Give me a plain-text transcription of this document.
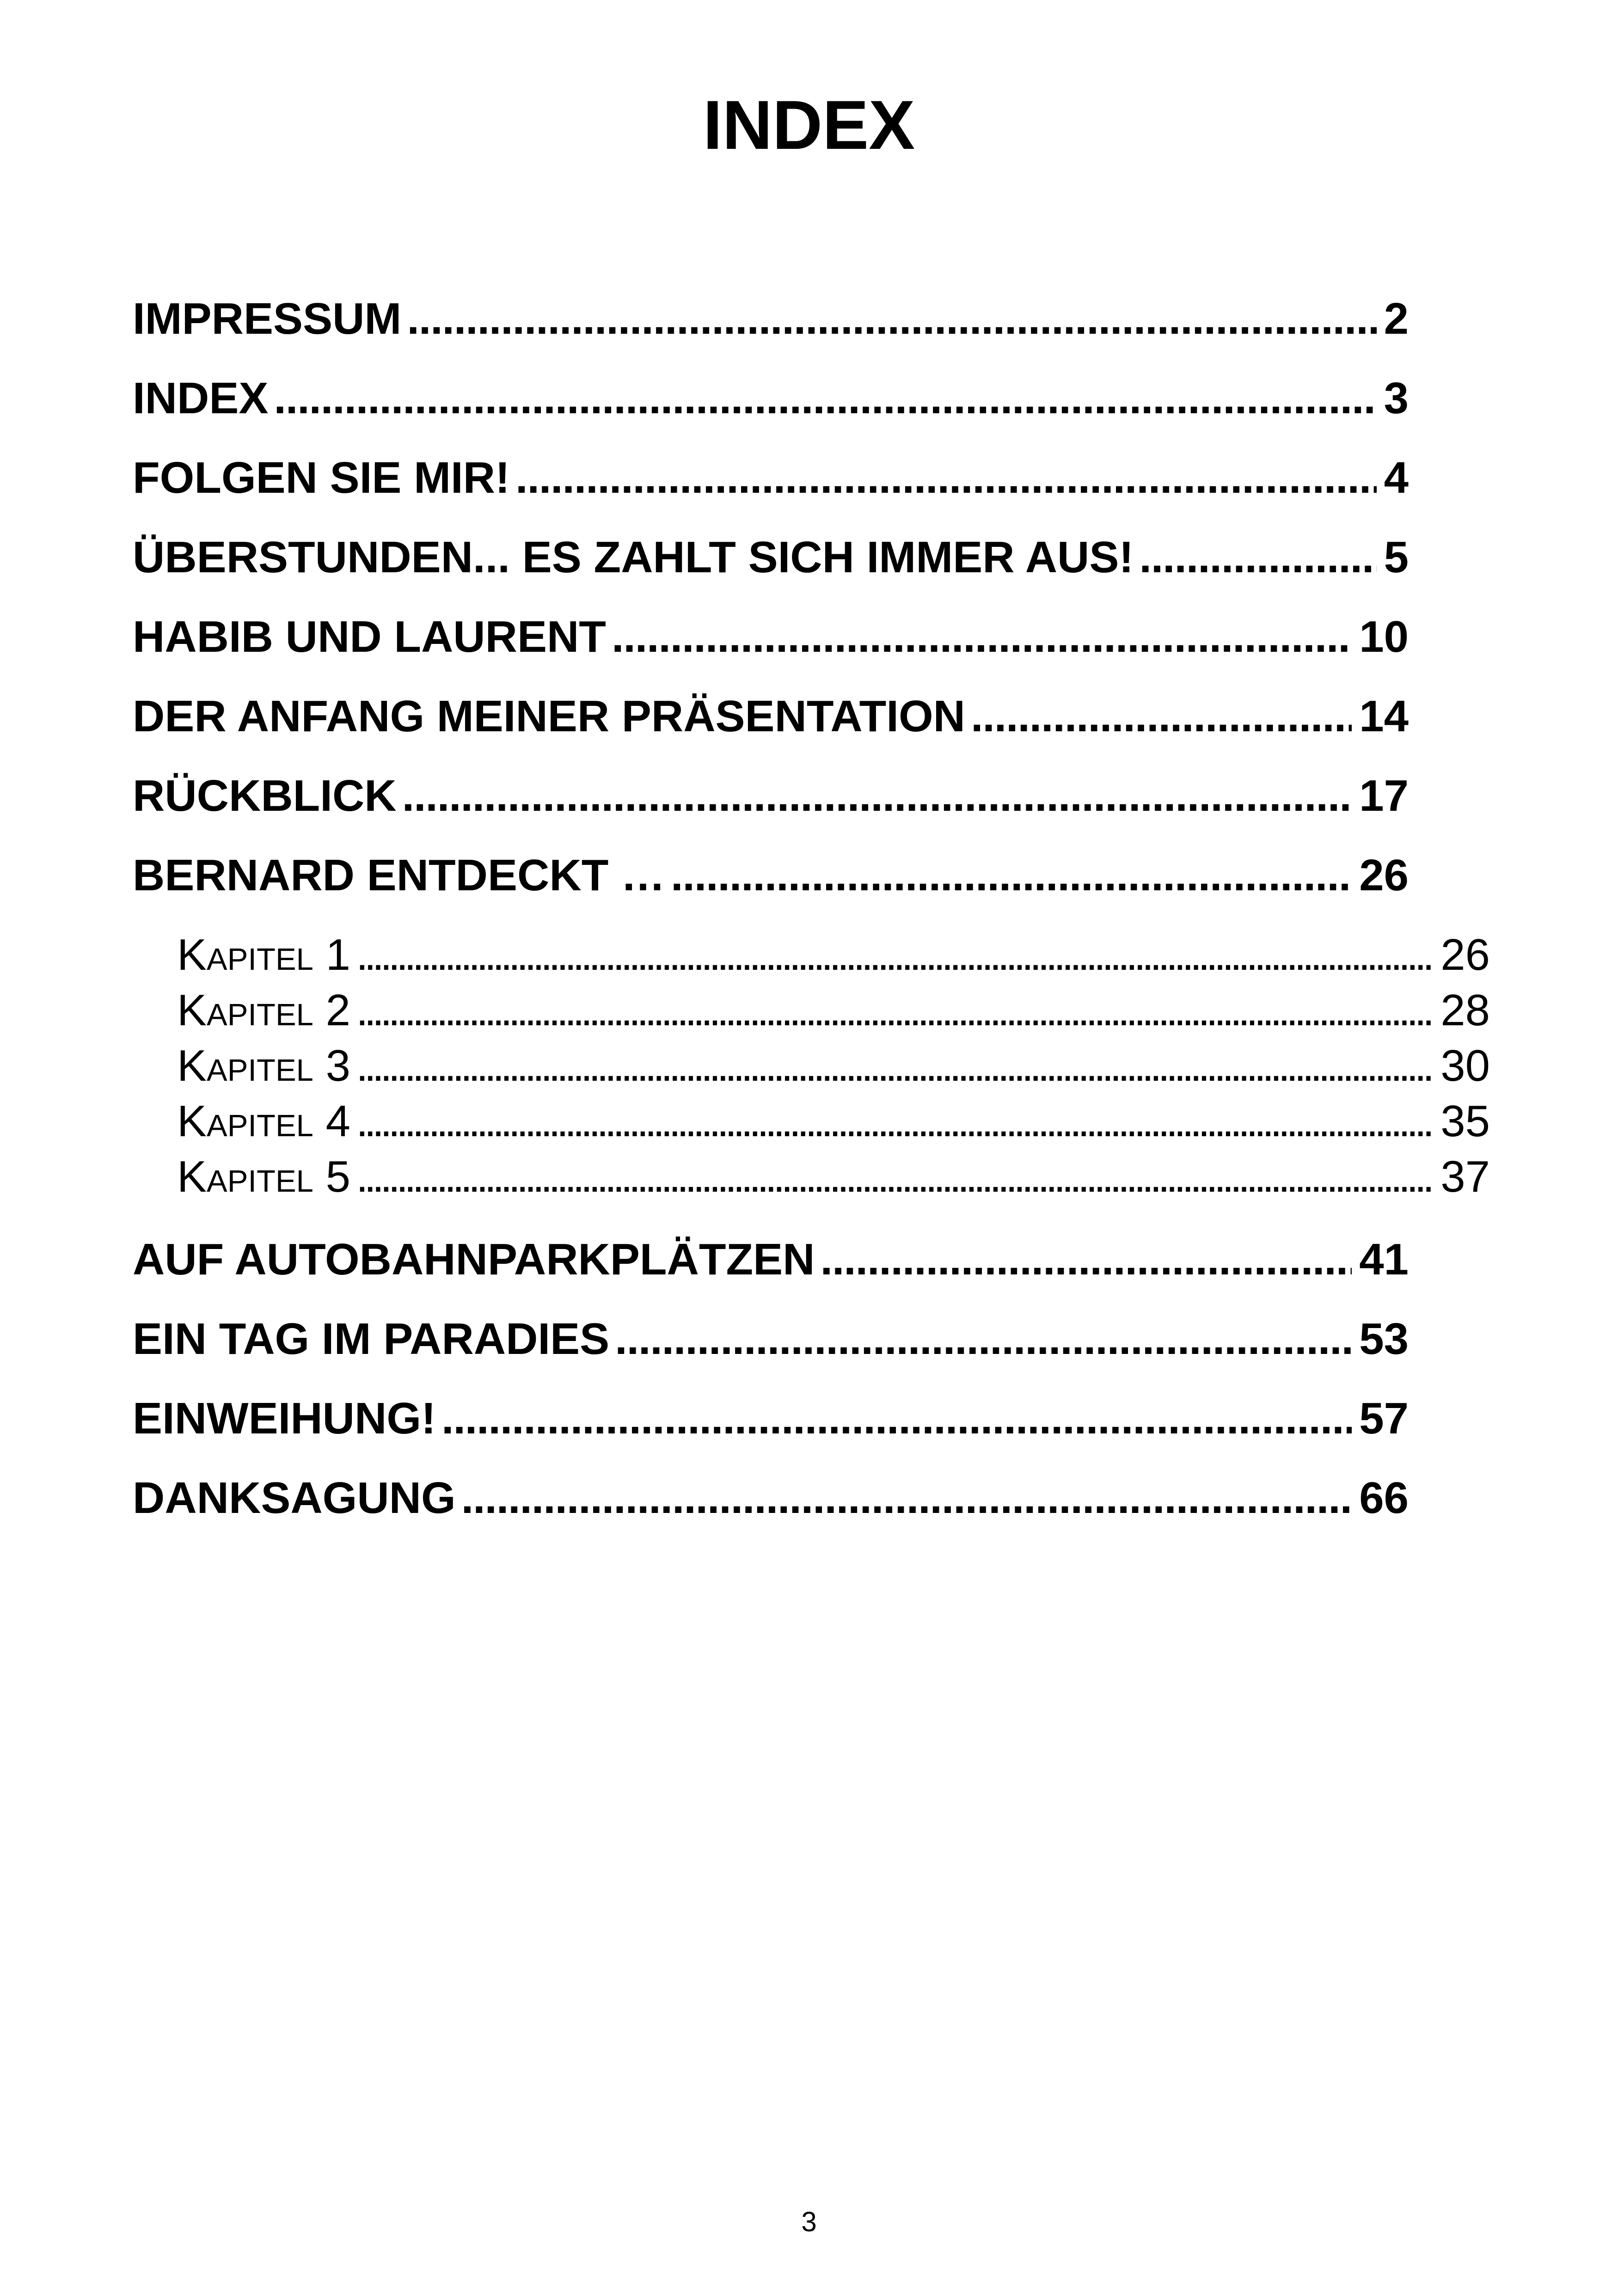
INDEX
IMPRESSUM . . .	2
INDEX . . .	3
FOLGEN SIE MIR! . . .	4
ÜBERSTUNDEN... ES ZAHLT SICH IMMER AUS! . . .	5
HABIB UND LAURENT . . .	10
DER ANFANG MEINER PRÄSENTATION . . .	14
RÜCKBLICK . . .	17
BERNARD ENTDECKT … . . .	26
Kapitel 1 . . .	26
Kapitel 2 . . .	28
Kapitel 3 . . .	30
Kapitel 4 . . .	35
Kapitel 5 . . .	37
AUF AUTOBAHNPARKPLÄTZEN . . .	41
EIN TAG IM PARADIES . . .	53
EINWEIHUNG! . . .	57
DANKSAGUNG . . .	66
3
